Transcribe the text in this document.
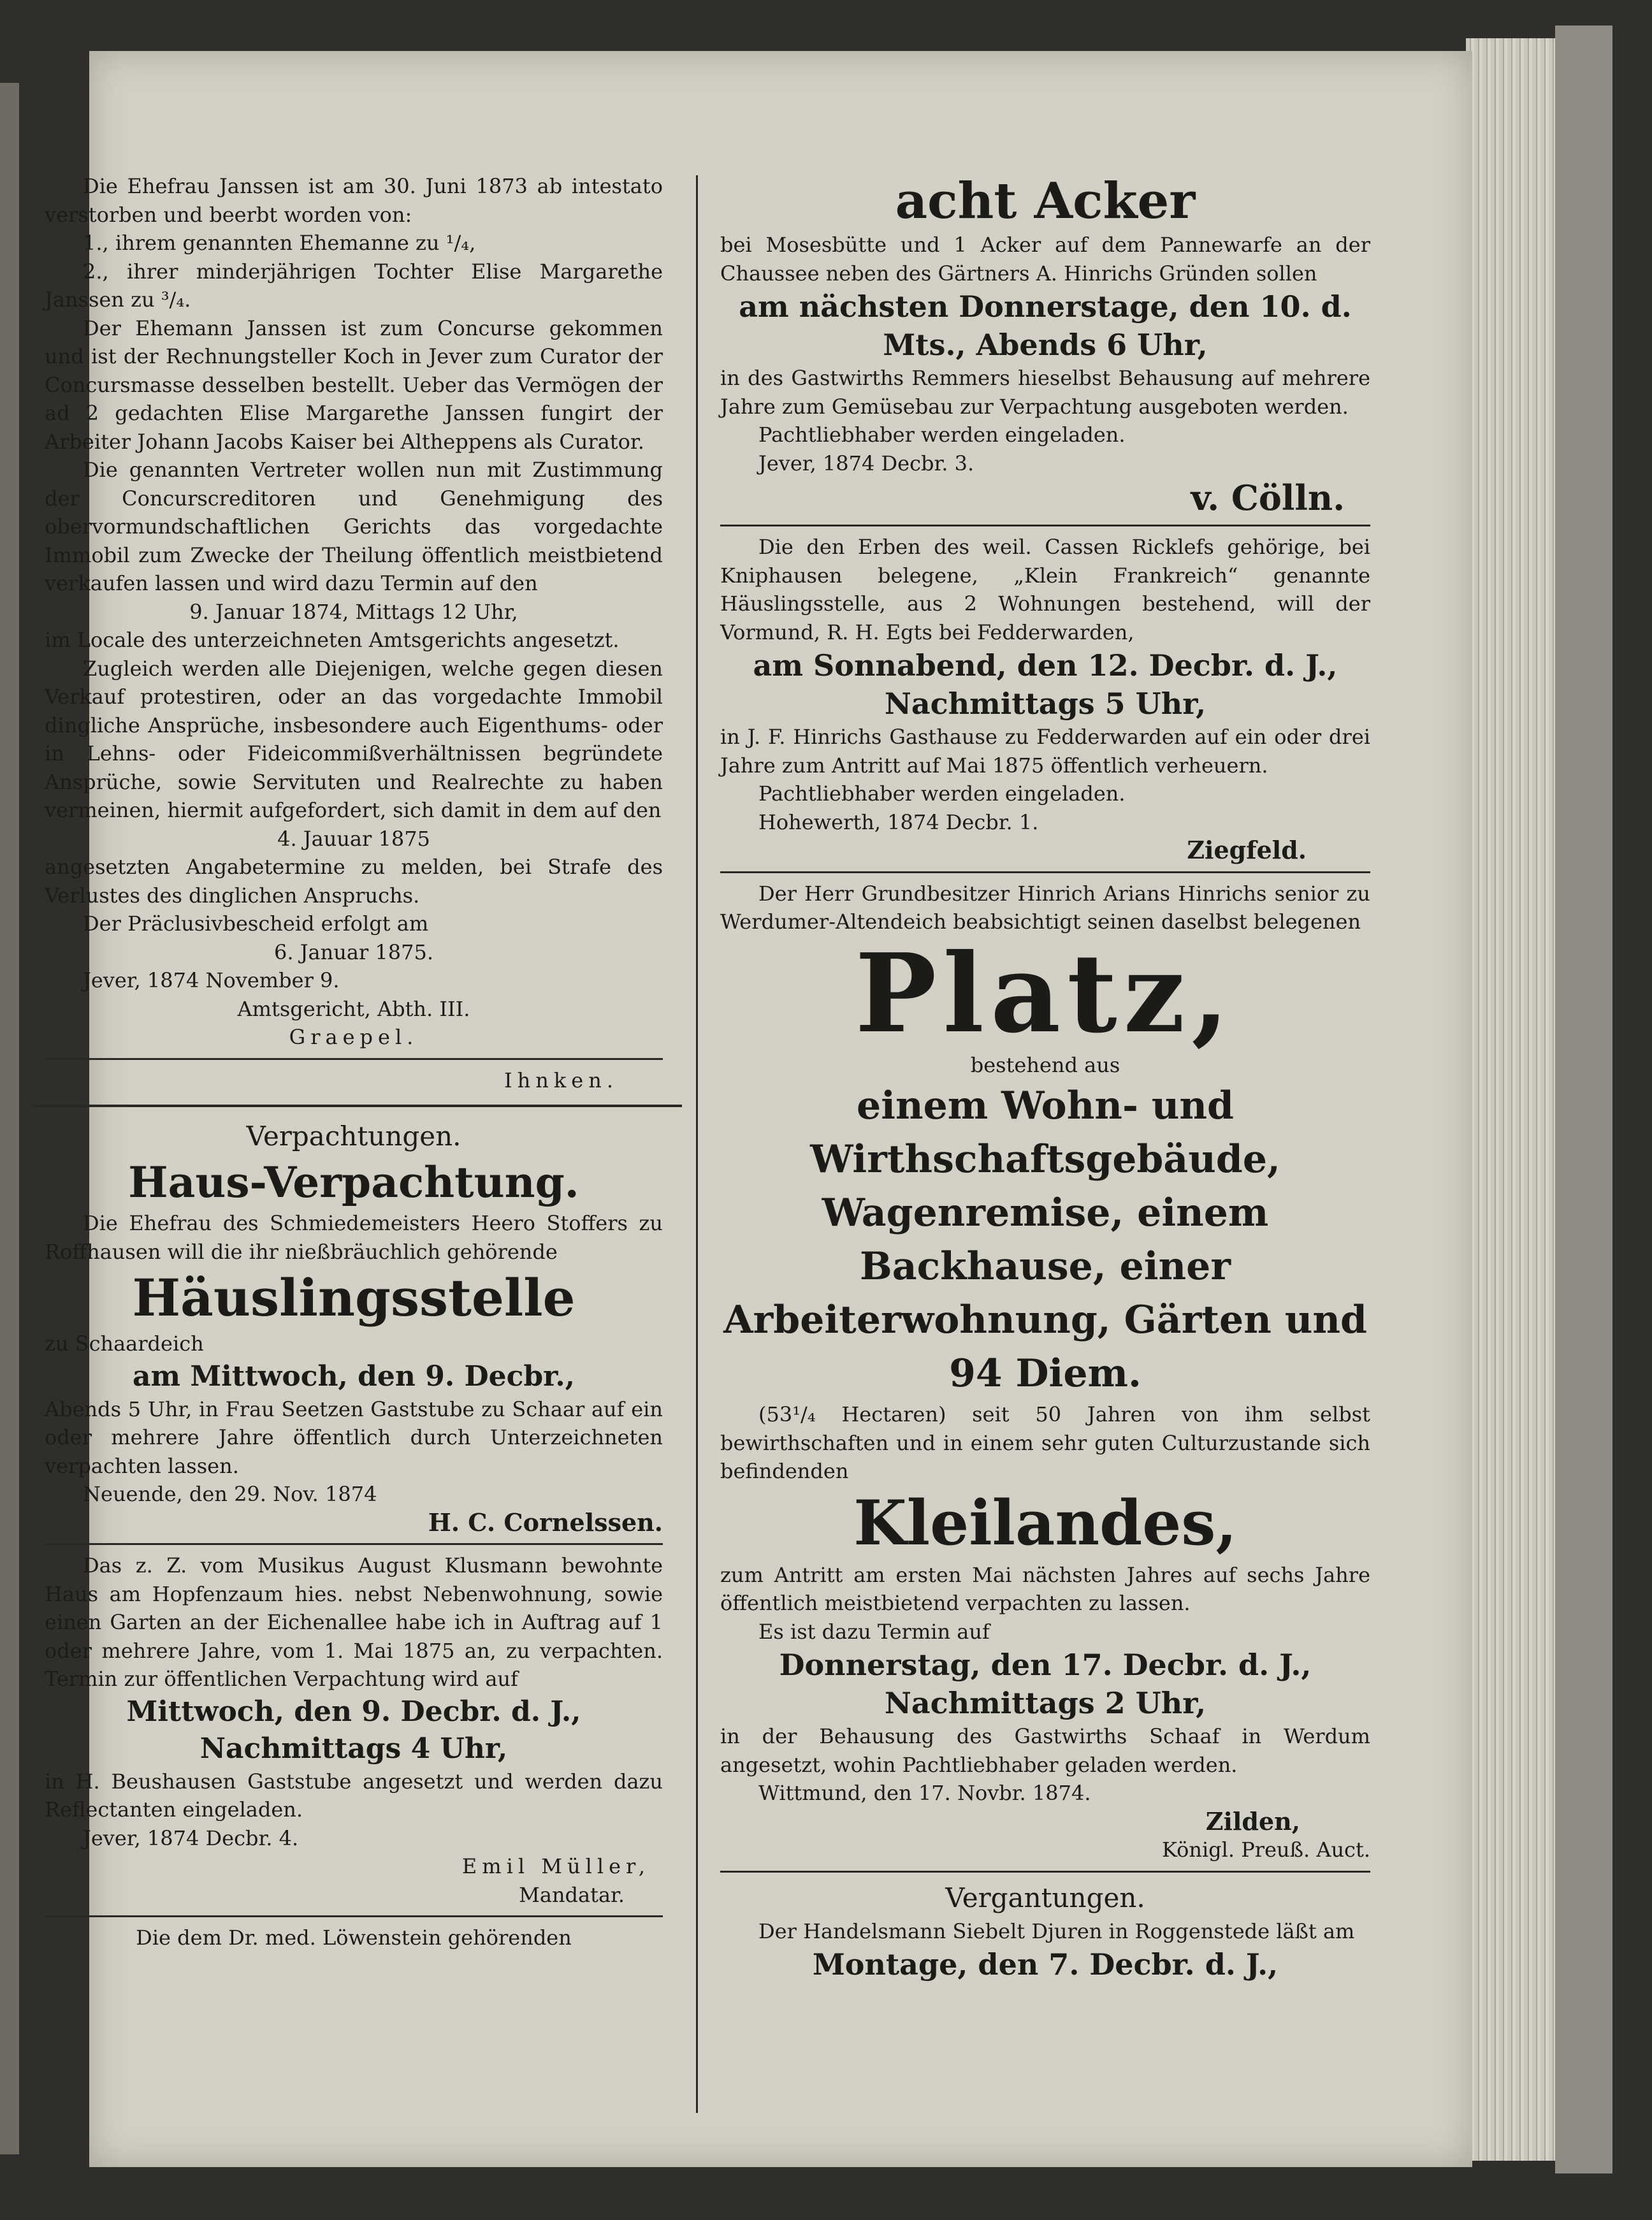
Die Ehefrau Janssen ist am 30. Juni 1873 ab intestato verstorben und beerbt worden von:

1., ihrem genannten Ehemanne zu ¹/₄,

2., ihrer minderjährigen Tochter Elise Margarethe Janssen zu ³/₄.

Der Ehemann Janssen ist zum Concurse gekommen und ist der Rechnungsteller Koch in Jever zum Curator der Concursmasse desselben bestellt. Ueber das Vermögen der ad 2 gedachten Elise Margarethe Janssen fungirt der Arbeiter Johann Jacobs Kaiser bei Altheppens als Curator.

Die genannten Vertreter wollen nun mit Zustimmung der Concurscreditoren und Genehmigung des obervormundschaftlichen Gerichts das vorgedachte Immobil zum Zwecke der Theilung öffentlich meistbietend verkaufen lassen und wird dazu Termin auf den

9. Januar 1874, Mittags 12 Uhr,

im Locale des unterzeichneten Amtsgerichts angesetzt.

Zugleich werden alle Diejenigen, welche gegen diesen Verkauf protestiren, oder an das vorgedachte Immobil dingliche Ansprüche, insbesondere auch Eigenthums- oder in Lehns- oder Fideicommißverhältnissen begründete Ansprüche, sowie Servituten und Realrechte zu haben vermeinen, hiermit aufgefordert, sich damit in dem auf den

4. Jauuar 1875

angesetzten Angabetermine zu melden, bei Strafe des Verlustes des dinglichen Anspruchs.

Der Präclusivbescheid erfolgt am

6. Januar 1875.

Jever, 1874 November 9.

Amtsgericht, Abth. III.

Graepel.

Ihnken.

Verpachtungen.

Haus-Verpachtung.

Die Ehefrau des Schmiedemeisters Heero Stoffers zu Roffhausen will die ihr nießbräuchlich gehörende

Häuslingsstelle

zu Schaardeich

am Mittwoch, den 9. Decbr.,

Abends 5 Uhr, in Frau Seetzen Gaststube zu Schaar auf ein oder mehrere Jahre öffentlich durch Unterzeichneten verpachten lassen.

Neuende, den 29. Nov. 1874

H. C. Cornelssen.

Das z. Z. vom Musikus August Klusmann bewohnte Haus am Hopfenzaum hies. nebst Nebenwohnung, sowie einen Garten an der Eichenallee habe ich in Auftrag auf 1 oder mehrere Jahre, vom 1. Mai 1875 an, zu verpachten. Termin zur öffentlichen Verpachtung wird auf

Mittwoch, den 9. Decbr. d. J.,

Nachmittags 4 Uhr,

in H. Beushausen Gaststube angesetzt und werden dazu Reflectanten eingeladen.

Jever, 1874 Decbr. 4.

Emil Müller,

Mandatar.

Die dem Dr. med. Löwenstein gehörenden

acht Acker

bei Mosesbütte und 1 Acker auf dem Pannewarfe an der Chaussee neben des Gärtners A. Hinrichs Gründen sollen

am nächsten Donnerstage, den 10. d. Mts., Abends 6 Uhr,

in des Gastwirths Remmers hieselbst Behausung auf mehrere Jahre zum Gemüsebau zur Verpachtung ausgeboten werden.

Pachtliebhaber werden eingeladen.

Jever, 1874 Decbr. 3.

v. Cölln.

Die den Erben des weil. Cassen Ricklefs gehörige, bei Kniphausen belegene, „Klein Frankreich“ genannte Häuslingsstelle, aus 2 Wohnungen bestehend, will der Vormund, R. H. Egts bei Fedderwarden,

am Sonnabend, den 12. Decbr. d. J.,

Nachmittags 5 Uhr,

in J. F. Hinrichs Gasthause zu Fedderwarden auf ein oder drei Jahre zum Antritt auf Mai 1875 öffentlich verheuern.

Pachtliebhaber werden eingeladen.

Hohewerth, 1874 Decbr. 1.

Ziegfeld.

Der Herr Grundbesitzer Hinrich Arians Hinrichs senior zu Werdumer-Altendeich beabsichtigt seinen daselbst belegenen

Platz,

bestehend aus

einem Wohn- und Wirthschaftsgebäude, Wagenremise, einem Backhause, einer Arbeiterwohnung, Gärten und 94 Diem.

(53¹/₄ Hectaren) seit 50 Jahren von ihm selbst bewirthschaften und in einem sehr guten Culturzustande sich befindenden

Kleilandes,

zum Antritt am ersten Mai nächsten Jahres auf sechs Jahre öffentlich meistbietend verpachten zu lassen.

Es ist dazu Termin auf

Donnerstag, den 17. Decbr. d. J.,

Nachmittags 2 Uhr,

in der Behausung des Gastwirths Schaaf in Werdum angesetzt, wohin Pachtliebhaber geladen werden.

Wittmund, den 17. Novbr. 1874.

Zilden,

Königl. Preuß. Auct.

Vergantungen.

Der Handelsmann Siebelt Djuren in Roggenstede läßt am

Montage, den 7. Decbr. d. J.,
